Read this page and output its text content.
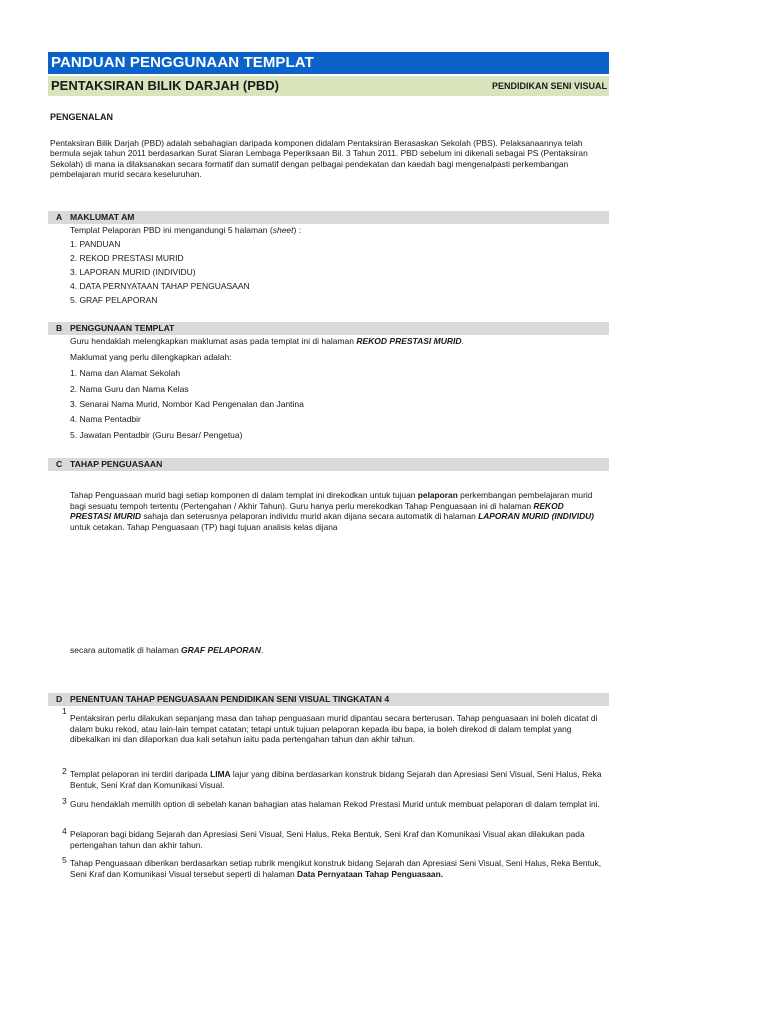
PANDUAN PENGGUNAAN TEMPLAT
PENTAKSIRAN BILIK DARJAH (PBD)	PENDIDIKAN SENI VISUAL
PENGENALAN
Pentaksiran Bilik Darjah (PBD) adalah sebahagian daripada komponen didalam Pentaksiran Berasaskan Sekolah (PBS). Pelaksanaannya telah bermula sejak tahun 2011 berdasarkan Surat Siaran Lembaga Peperiksaan Bil. 3 Tahun 2011. PBD sebelum ini dikenali sebagai PS (Pentaksiran Sekolah) di mana ia dilaksanakan secara formatif dan sumatif dengan pelbagai pendekatan dan kaedah bagi mengenalpasti perkembangan pembelajaran murid secara keseluruhan.
A MAKLUMAT AM
Templat Pelaporan PBD ini mengandungi 5 halaman (sheet) :
1. PANDUAN
2. REKOD PRESTASI MURID
3. LAPORAN MURID (INDIVIDU)
4. DATA PERNYATAAN TAHAP PENGUASAAN
5. GRAF PELAPORAN
B PENGGUNAAN TEMPLAT
Guru hendaklah melengkapkan maklumat asas pada templat ini di halaman REKOD PRESTASI MURID.
Maklumat yang perlu dilengkapkan adalah:
1. Nama dan Alamat Sekolah
2. Nama Guru dan Nama Kelas
3. Senarai Nama Murid, Nombor Kad Pengenalan dan Jantina
4. Nama Pentadbir
5. Jawatan Pentadbir (Guru Besar/ Pengetua)
C TAHAP PENGUASAAN
Tahap Penguasaan murid bagi setiap komponen di dalam templat ini direkodkan untuk tujuan pelaporan perkembangan pembelajaran murid bagi sesuatu tempoh tertentu (Pertengahan / Akhir Tahun). Guru hanya perlu merekodkan Tahap Penguasaan ini di halaman REKOD PRESTASI MURID sahaja dan seterusnya pelaporan individu murid akan dijana secara automatik di halaman LAPORAN MURID (INDIVIDU) untuk cetakan. Tahap Penguasaan (TP) bagi tujuan analisis kelas dijana
secara automatik di halaman GRAF PELAPORAN.
D PENENTUAN TAHAP PENGUASAAN PENDIDIKAN SENI VISUAL TINGKATAN 4
1
Pentaksiran perlu dilakukan sepanjang masa dan tahap penguasaan murid dipantau secara berterusan. Tahap penguasaan ini boleh dicatat di dalam buku rekod, atau lain-lain tempat catatan; tetapi untuk tujuan pelaporan kepada ibu bapa, ia boleh direkod di dalam templat yang dibekalkan ini dan dilaporkan dua kali setahun iaitu pada pertengahan tahun dan akhir tahun.
2 Templat pelaporan ini terdiri daripada LIMA lajur yang dibina berdasarkan konstruk bidang Sejarah dan Apresiasi Seni Visual, Seni Halus, Reka Bentuk, Seni Kraf dan Komunikasi Visual.
3 Guru hendaklah memilih option di sebelah kanan bahagian atas halaman Rekod Prestasi Murid untuk membuat pelaporan di dalam templat ini.
4 Pelaporan bagi bidang Sejarah dan Apresiasi Seni Visual, Seni Halus, Reka Bentuk, Seni Kraf dan Komunikasi Visual akan dilakukan pada pertengahan tahun dan akhir tahun.
5 Tahap Penguasaan diberikan berdasarkan setiap rubrik mengikut konstruk bidang Sejarah dan Apresiasi Seni Visual, Seni Halus, Reka Bentuk, Seni Kraf dan Komunikasi Visual tersebut seperti di halaman Data Pernyataan Tahap Penguasaan.
